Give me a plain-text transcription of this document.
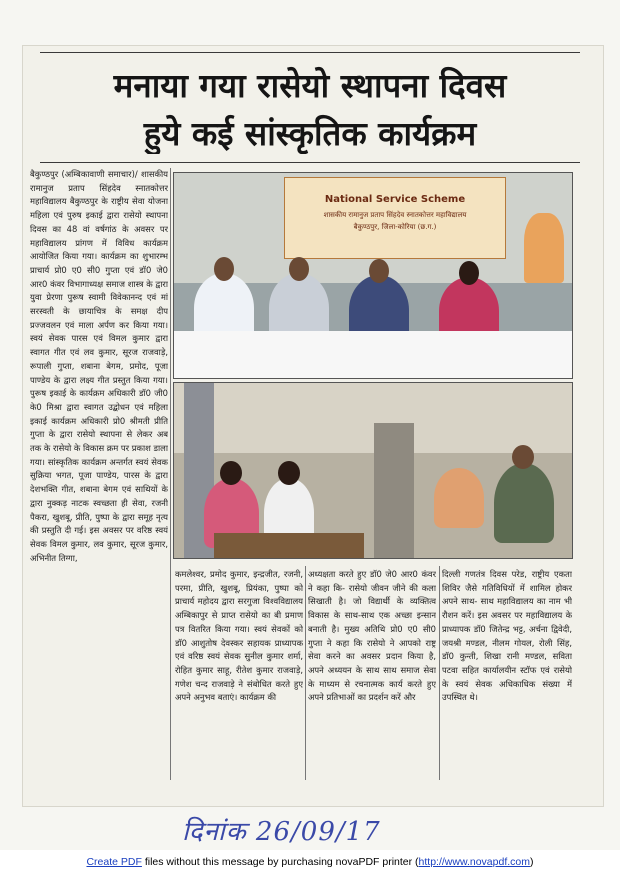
मनाया गया रासेयो स्थापना दिवस
हुये कई सांस्कृतिक कार्यक्रम

बैकुण्ठपुर (अम्बिकावाणी समाचार)/ शासकीय रामानुज प्रताप सिंहदेव स्नातकोत्तर महाविद्यालय बैकुण्ठपुर के राष्ट्रीय सेवा योजना महिला एवं पुरुष इकाई द्वारा रासेयो स्थापना दिवस का 48 वां वर्षगांठ के अवसर पर महाविद्यालय प्रांगण में विविध कार्यक्रम आयोजित किया गया। कार्यक्रम का शुभारम्भ प्राचार्य प्रो0 ए0 सी0 गुप्ता एवं डॉ0 जे0 आर0 कंवर विभागाध्यक्ष समाज शास्त्र के द्वारा युवा प्रेरणा पुरूष स्वामी विवेकानन्द एवं मां सरस्वती के छायाचित्र के समक्ष दीप प्रज्जवलन एवं माला अर्पण कर किया गया। स्वयं सेवक पारस एवं विमल कुमार द्वारा स्वागत गीत एवं लव कुमार, सूरज राजवाड़े, रूपाली गुप्ता, शबाना बेगम, प्रमोद, पूजा पाण्डेय के द्वारा लक्ष्य गीत प्रस्तुत किया गया। पुरूष इकाई के कार्यक्रम अधिकारी डॉ0 जी0 के0 मिश्रा द्वारा स्वागत उद्बोधन एवं महिला इकाई कार्यक्रम अधिकारी प्रो0 श्रीमती प्रीति गुप्ता के द्वारा रासेयो स्थापना से लेकर अब तक के रासेयो के विकास क्रम पर प्रकाश डाला गया। सांस्कृतिक कार्यक्रम अन्तर्गत स्वयं सेवक सुक्रिया भगत, पूजा पाण्डेय, पारस के द्वारा देशभक्ति गीत, शबाना बेगम एवं साथियों के द्वारा नुक्कड़ नाटक स्वच्छता ही सेवा, रजनी पैकरा, खुशबू, प्रीति, पुष्पा के द्वारा समूह नृत्य की प्रस्तुति दी गई। इस अवसर पर वरिष्ठ स्वयं सेवक विमल कुमार, लव कुमार, सूरज कुमार, अभिनीत तिग्गा,

National Service Scheme
शासकीय रामानुज प्रताप सिंहदेव स्नातकोत्तर महाविद्यालय
बैकुण्ठपुर, जिला-कोरिया (छ.ग.)

कमलेश्वर, प्रमोद कुमार, इन्द्रजीत, रजनी, परमा, प्रीति, खुशबू, प्रियंका, पुष्पा को प्राचार्य महोदय द्वारा सरगुजा विश्वविद्यालय अम्बिकापुर से प्राप्त रासेयो का बी प्रमाण पत्र वितरित किया गया। स्वयं सेवकों को डॉ0 आशुतोष देवस्कर सहायक प्राध्यापक एवं वरिष्ठ स्वयं सेवक सुनील कुमार शर्मा, रोहित कुमार साहू, रीतेश कुमार राजवाड़े, गणेश चन्द राजवाड़े ने संबोधित करते हुए अपने अनुभव बताएं। कार्यक्रम की

अध्यक्षता करते हुए डॉ0 जे0 आर0 कंवर ने कहा कि- रासेयो जीवन जीने की कला सिखाती है। जो विद्यार्थी के व्यक्तित्व विकास के साथ-साथ एक अच्छा इन्सान बनाती है। मुख्य अतिथि प्रो0 ए0 सी0 गुप्ता ने कहा कि रासेयो ने आपको राष्ट्र सेवा करने का अवसर प्रदान किया है, अपने अध्ययन के साथ साथ समाज सेवा के माध्यम से रचनात्मक कार्य करते हुए अपने प्रतिभाओं का प्रदर्शन करें और

दिल्ली गणतंत्र दिवस परेड, राष्ट्रीय एकता शिविर जैसे गतिविधियों में शामिल होकर अपने साथ- साथ महाविद्यालय का नाम भी रौशन करें। इस अवसर पर महाविद्यालय के प्राध्यापक डॉ0 जितेन्द्र भट्ट, अर्चना द्विवेदी, जयश्री मण्डल, नीलम गोयल, रोली सिंह, डॉ0 कुन्ती, शिखा रानी मण्डल, सविता पटवा सहित कार्यालयीन स्टॉफ एवं रासेयो के स्वयं सेवक अधिकाधिक संख्या में उपस्थित थे।

दिनांक 26/09/17
Create PDF files without this message by purchasing novaPDF printer (http://www.novapdf.com)
